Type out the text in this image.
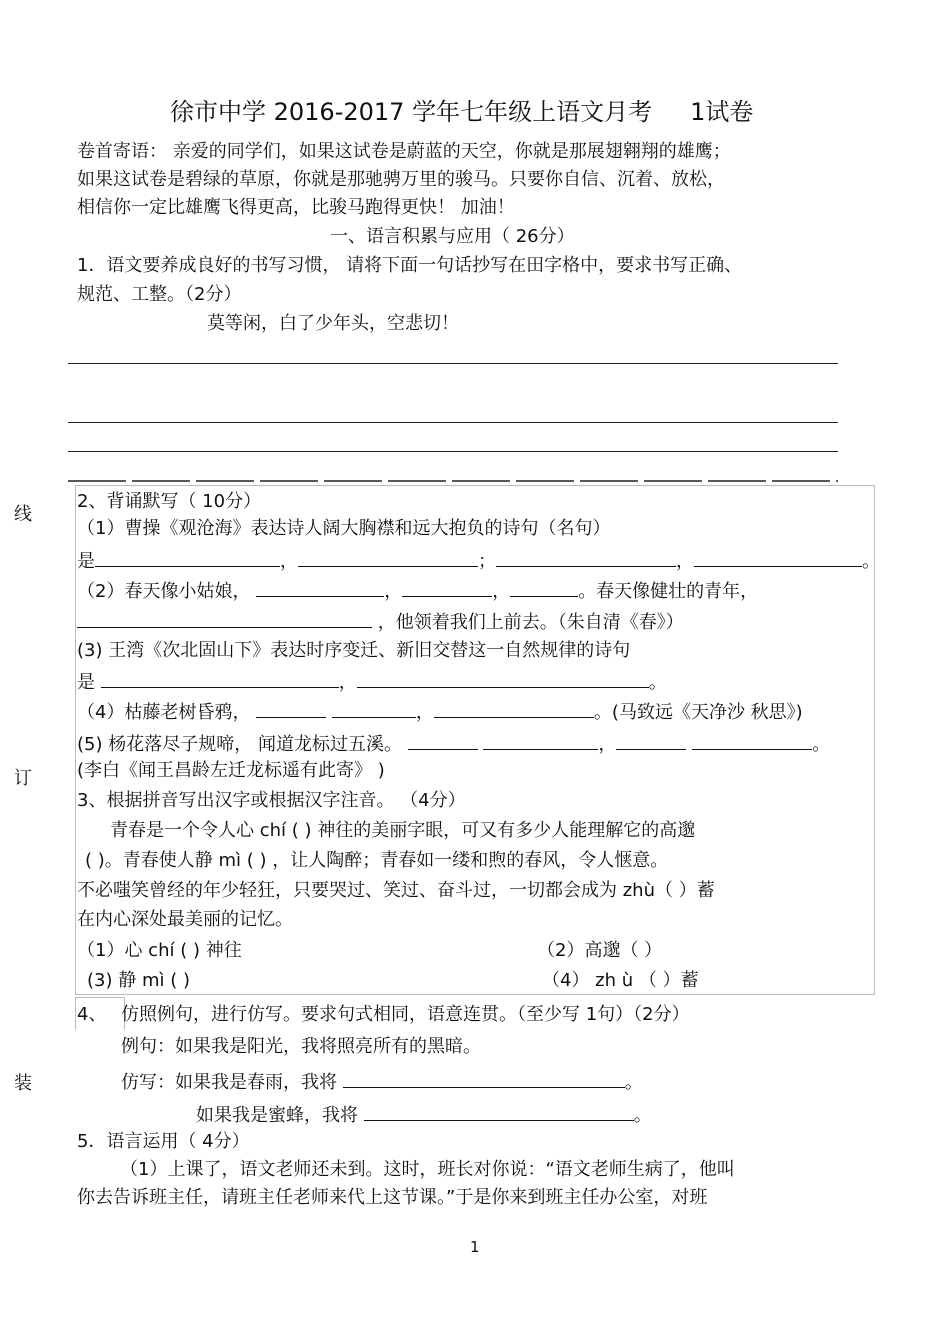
徐市中学 2016-2017 学年七年级上语文月考 1试卷
卷首寄语： 亲爱的同学们，如果这试卷是蔚蓝的天空，你就是那展翅翱翔的雄鹰；
如果这试卷是碧绿的草原，你就是那驰骋万里的骏马。只要你自信、沉着、放松，
相信你一定比雄鹰飞得更高，比骏马跑得更快！ 加油！
一、语言积累与应用（ 26分）
1．语文要养成良好的书写习惯， 请将下面一句话抄写在田字格中，要求书写正确、
规范、工整。（2分）
莫等闲，白了少年头，空悲切！
线
订
装
2、背诵默写（ 10分）
（1）曹操《观沧海》表达诗人阔大胸襟和远大抱负的诗句（名句）
是	，	；	，	。
（2）春天像小姑娘，	，	，	。春天像健壮的青年，
，他领着我们上前去。（朱自清《春》）
(3) 王湾《次北固山下》表达时序变迁、新旧交替这一自然规律的诗句
是	，	。
（4）枯藤老树昏鸦，	，	。(马致远《天净沙 秋思》)
(5) 杨花落尽子规啼， 闻道龙标过五溪。	，	。
(李白《闻王昌龄左迁龙标遥有此寄》 )
3、根据拼音写出汉字或根据汉字注音。 （4分）
青春是一个令人心 chí ( ) 神往的美丽字眼，可又有多少人能理解它的高邈
( )。青春使人静 mì ( ) ，让人陶醉；青春如一缕和煦的春风，令人惬意。
不必嗤笑曾经的年少轻狂，只要哭过、笑过、奋斗过，一切都会成为 zhù（ ）蓄
在内心深处最美丽的记忆。
（1）心 chí ( ) 神往	（2）高邈（ ）
(3) 静 mì ( )	（4） zh ù （ ）蓄
4、 仿照例句，进行仿写。要求句式相同，语意连贯。（至少写 1句）（2分）
例句：如果我是阳光，我将照亮所有的黑暗。
仿写：如果我是春雨，我将	。
如果我是蜜蜂，我将	。
5．语言运用（ 4分）
（1）上课了，语文老师还未到。这时，班长对你说：“语文老师生病了，他叫
你去告诉班主任，请班主任老师来代上这节课。”于是你来到班主任办公室，对班
1
